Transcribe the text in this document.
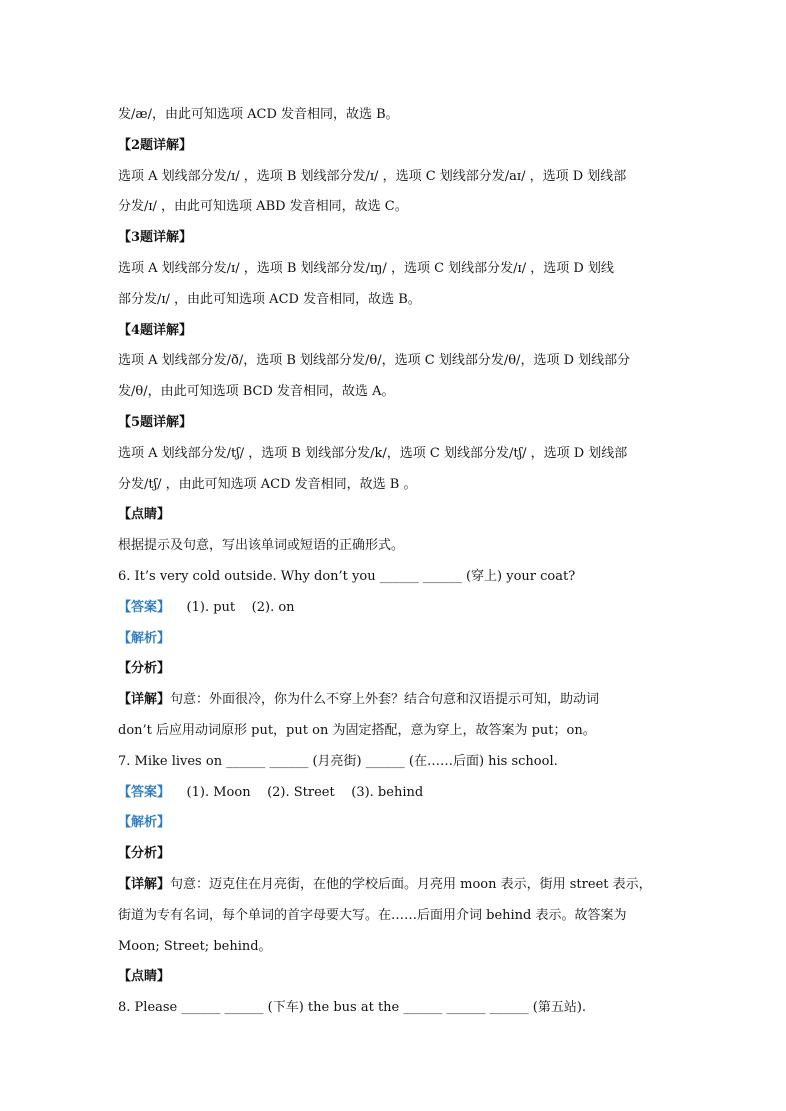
发/æ/，由此可知选项 ACD 发音相同，故选 B。
【2题详解】
选项 A 划线部分发/ɪ/ ，选项 B 划线部分发/ɪ/ ，选项 C 划线部分发/aɪ/ ，选项 D 划线部
分发/ɪ/ ，由此可知选项 ABD 发音相同，故选 C。
【3题详解】
选项 A 划线部分发/ɪ/ ，选项 B 划线部分发/ɪŋ/ ，选项 C 划线部分发/ɪ/ ，选项 D 划线
部分发/ɪ/ ，由此可知选项 ACD 发音相同，故选 B。
【4题详解】
选项 A 划线部分发/ð/，选项 B 划线部分发/θ/，选项 C 划线部分发/θ/，选项 D 划线部分
发/θ/，由此可知选项 BCD 发音相同，故选 A。
【5题详解】
选项 A 划线部分发/tʃ/ ，选项 B 划线部分发/k/，选项 C 划线部分发/tʃ/ ，选项 D 划线部
分发/tʃ/ ，由此可知选项 ACD 发音相同，故选 B 。
【点睛】
根据提示及句意，写出该单词或短语的正确形式。
6. It’s very cold outside. Why don’t you ______ ______ (穿上) your coat?
【答案】    (1). put    (2). on
【解析】
【分析】
【详解】句意：外面很冷，你为什么不穿上外套？结合句意和汉语提示可知，助动词
don’t 后应用动词原形 put，put on 为固定搭配，意为穿上，故答案为 put；on。
7. Mike lives on ______ ______ (月亮街) ______ (在……后面) his school.
【答案】    (1). Moon    (2). Street    (3). behind
【解析】
【分析】
【详解】句意：迈克住在月亮街，在他的学校后面。月亮用 moon 表示，街用 street 表示，
街道为专有名词，每个单词的首字母要大写。在……后面用介词 behind 表示。故答案为
Moon; Street; behind。
【点睛】
8. Please ______ ______ (下车) the bus at the ______ ______ ______ (第五站).
